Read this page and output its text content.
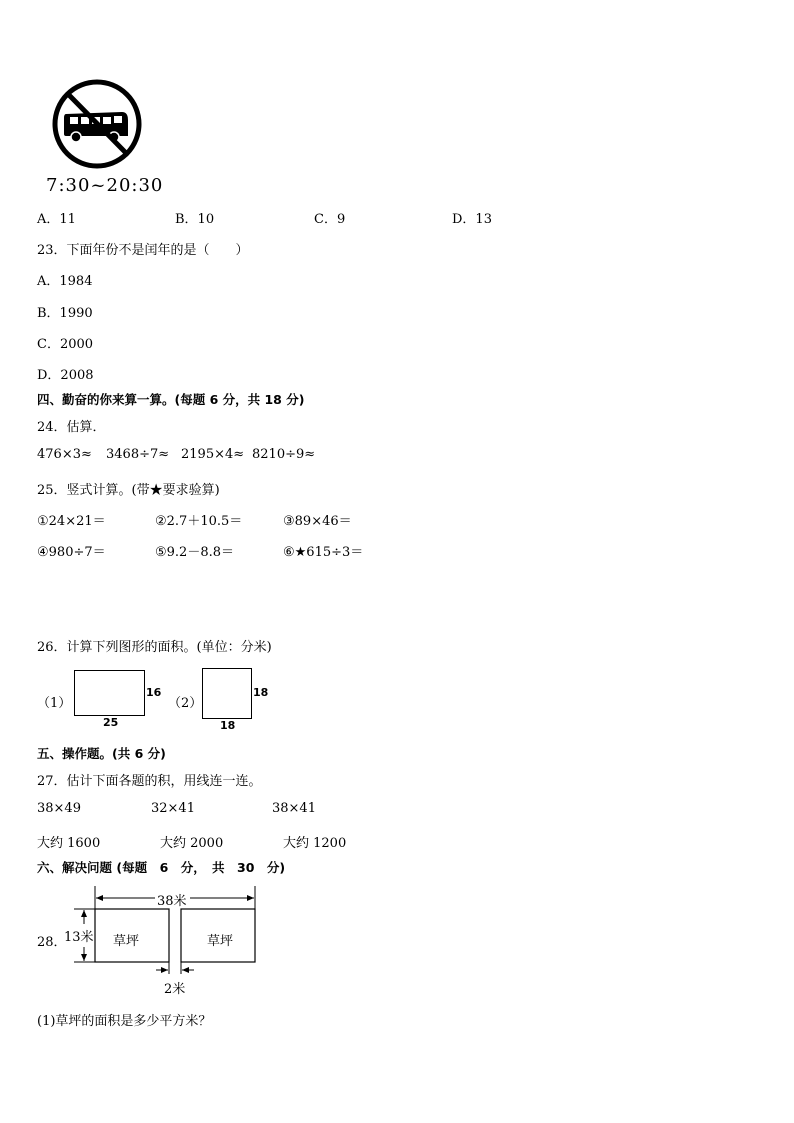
7:30~20:30
A．11	B．10	C．9	D．13
23．下面年份不是闰年的是（　　）
A．1984
B．1990
C．2000
D．2008
四、勤奋的你来算一算。(每题 6 分，共 18 分)
24．估算．
476×3≈ 3468÷7≈ 2195×4≈ 8210÷9≈
25．竖式计算。(带★要求验算)
①24×21＝	②2.7＋10.5＝	③89×46＝
④980÷7＝	⑤9.2－8.8＝	⑥★615÷3＝
26．计算下列图形的面积。(单位：分米)
（1）
16
25
（2）
18
18
五、操作题。(共 6 分)
27．估计下面各题的积，用线连一连。
38×49	32×41	38×41
大约 1600	大约 2000	大约 1200
六、解决问题 (每题　6　分，　共　30　分)
28．
38米
13米 草坪	草坪
2米
(1)草坪的面积是多少平方米？
